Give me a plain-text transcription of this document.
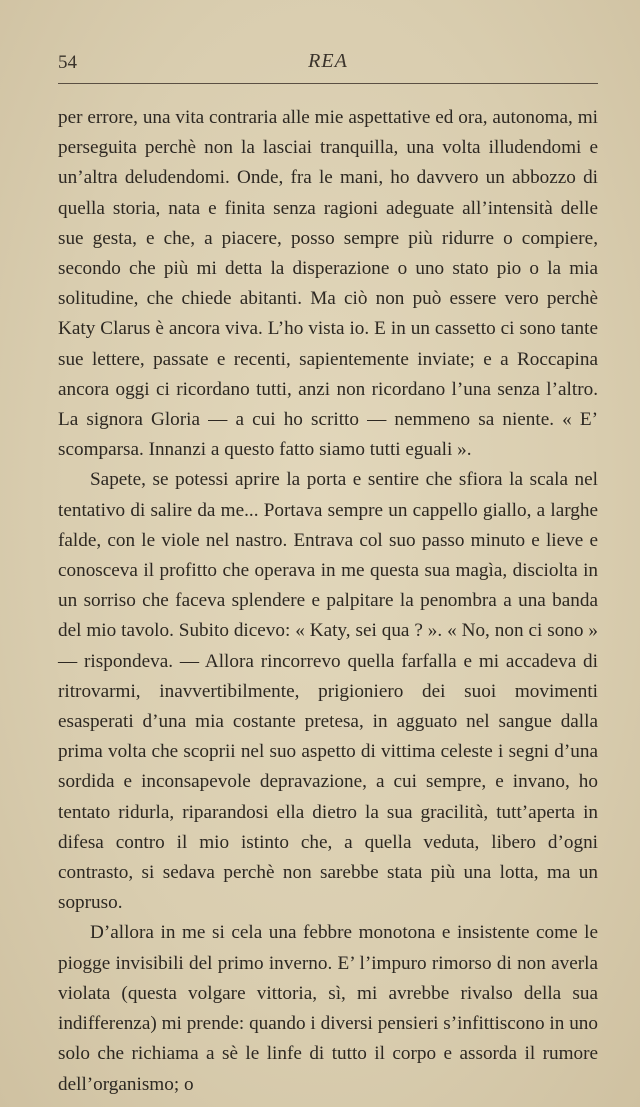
54	REA

per errore, una vita contraria alle mie aspettative ed ora, autonoma, mi perseguita perchè non la lasciai tranquilla, una volta illudendomi e un’altra deludendomi. Onde, fra le mani, ho davvero un abbozzo di quella storia, nata e finita senza ragioni adeguate all’intensità delle sue gesta, e che, a piacere, posso sempre più ridurre o compiere, secondo che più mi detta la disperazione o uno stato pio o la mia solitudine, che chiede abitanti. Ma ciò non può essere vero perchè Katy Clarus è ancora viva. L’ho vista io. E in un cassetto ci sono tante sue lettere, passate e recenti, sapientemente inviate; e a Roccapina ancora oggi ci ricordano tutti, anzi non ricordano l’una senza l’altro. La signora Gloria — a cui ho scritto — nemmeno sa niente. « E’ scomparsa. Innanzi a questo fatto siamo tutti eguali ».

Sapete, se potessi aprire la porta e sentire che sfiora la scala nel tentativo di salire da me... Portava sempre un cappello giallo, a larghe falde, con le viole nel nastro. Entrava col suo passo minuto e lieve e conosceva il profitto che operava in me questa sua magìa, disciolta in un sorriso che faceva splendere e palpitare la penombra a una banda del mio tavolo. Subito dicevo: « Katy, sei qua ? ». « No, non ci sono » — rispondeva. — Allora rincorrevo quella farfalla e mi accadeva di ritrovarmi, inavvertibilmente, prigioniero dei suoi movimenti esasperati d’una mia costante pretesa, in agguato nel sangue dalla prima volta che scoprii nel suo aspetto di vittima celeste i segni d’una sordida e inconsapevole depravazione, a cui sempre, e invano, ho tentato ridurla, riparandosi ella dietro la sua gracilità, tutt’aperta in difesa contro il mio istinto che, a quella veduta, libero d’ogni contrasto, si sedava perchè non sarebbe stata più una lotta, ma un sopruso.

D’allora in me si cela una febbre monotona e insistente come le piogge invisibili del primo inverno. E’ l’impuro rimorso di non averla violata (questa volgare vittoria, sì, mi avrebbe rivalso della sua indifferenza) mi prende: quando i diversi pensieri s’infittiscono in uno solo che richiama a sè le linfe di tutto il corpo e assorda il rumore dell’organismo; o
